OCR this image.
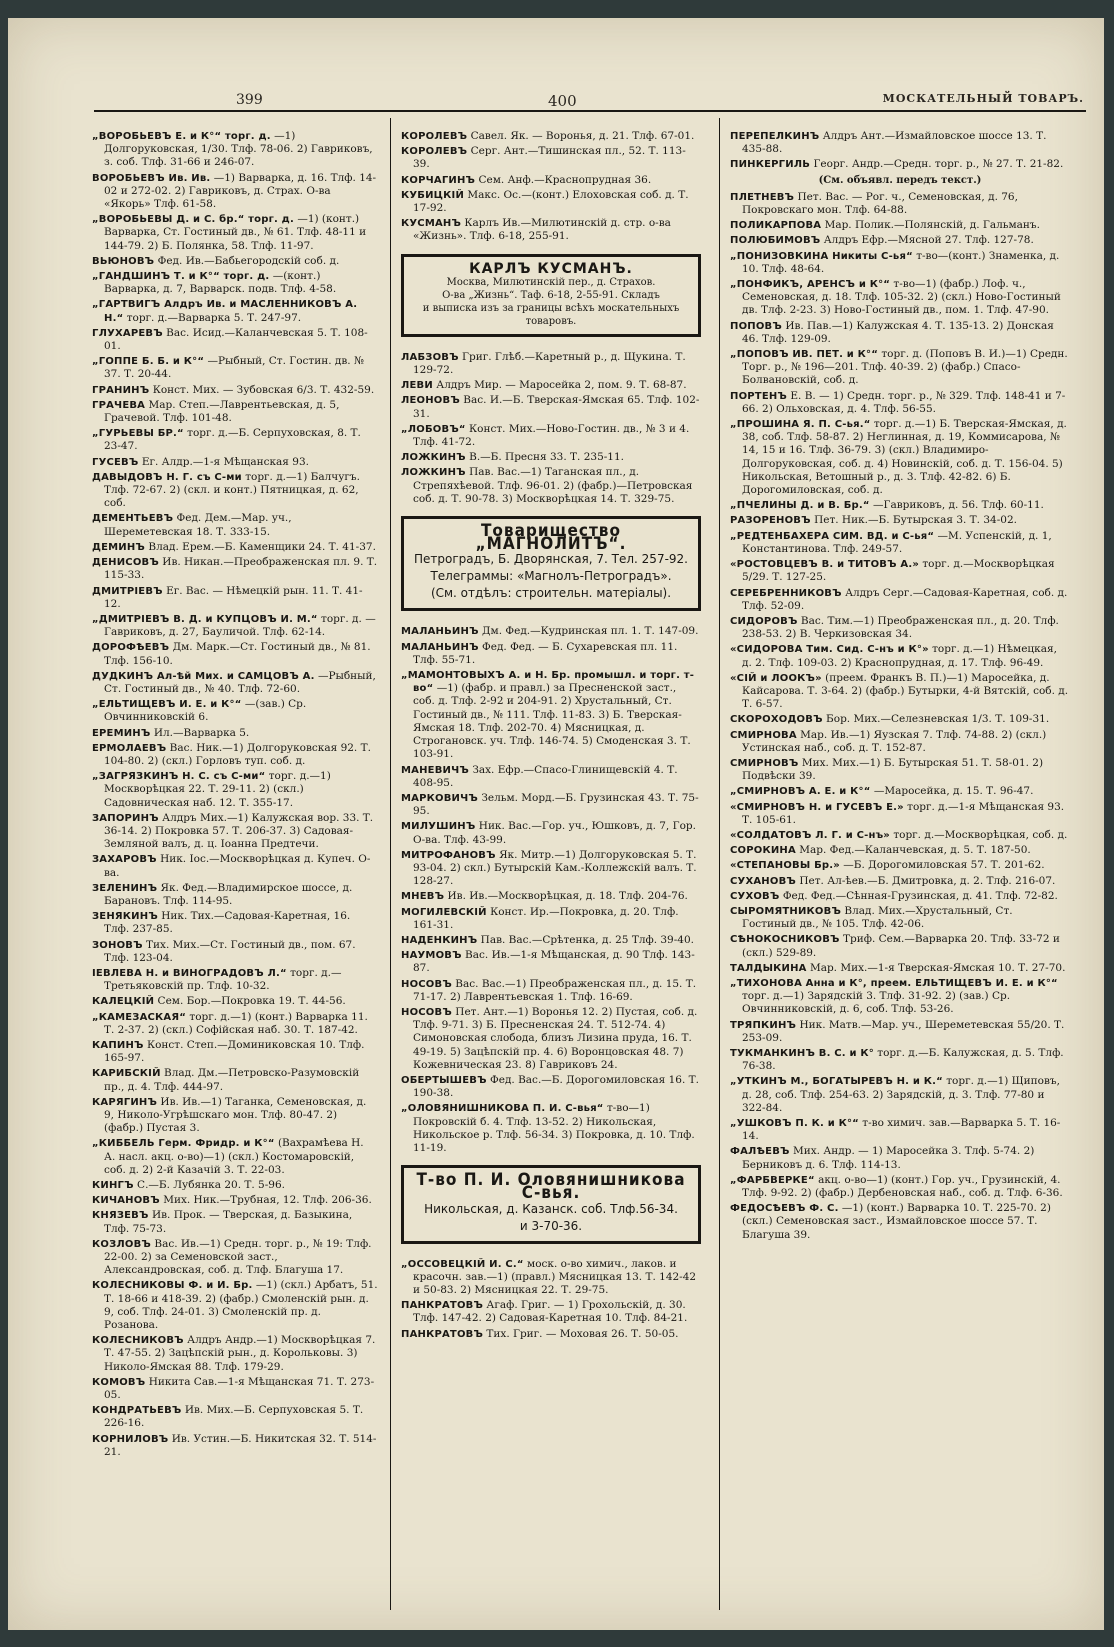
399	400	МОСКАТЕЛЬНЫЙ ТОВАРЪ.
„ВОРОБЬЕВЪ Е. и К°“ торг. д. —1) Долгоруковская, 1/30. Тлф. 78-06. 2) Гавриковъ, з. соб. Тлф. 31-66 и 246-07.
ВОРОБЬЕВЪ Ив. Ив. —1) Варварка, д. 16. Тлф. 14-02 и 272-02. 2) Гавриковъ, д. Страх. О-ва «Якорь» Тлф. 61-58.
„ВОРОБЬЕВЫ Д. и С. бр.“ торг. д. —1) (конт.) Варварка, Ст. Гостиный дв., № 61. Тлф. 48-11 и 144-79. 2) Б. Полянка, 58. Тлф. 11-97.
ВЬЮНОВЪ Фед. Ив.—Бабьегородскій соб. д.
„ГАНДШИНЪ Т. и К°“ торг. д. —(конт.) Варварка, д. 7, Варварск. подв. Тлф. 4-58.
„ГАРТВИГЪ Алдръ Ив. и МАСЛЕННИКОВЪ А. Н.“ торг. д.—Варварка 5. Т. 247-97.
ГЛУХАРЕВЪ Вас. Исид.—Каланчевская 5. Т. 108-01.
„ГОППЕ Б. Б. и К°“ —Рыбный, Ст. Гостин. дв. № 37. Т. 20-44.
ГРАНИНЪ Конст. Мих. — Зубовская 6/3. Т. 432-59.
ГРАЧЕВА Мар. Степ.—Лаврентьевская, д. 5, Грачевой. Тлф. 101-48.
„ГУРЬЕВЫ БР.“ торг. д.—Б. Серпуховская, 8. Т. 23-47.
ГУСЕВЪ Ег. Алдр.—1-я Мѣщанская 93.
ДАВЫДОВЪ Н. Г. съ С-ми торг. д.—1) Балчугъ. Тлф. 72-67. 2) (скл. и конт.) Пятницкая, д. 62, соб.
ДЕМЕНТЬЕВЪ Фед. Дем.—Мар. уч., Шереметевская 18. Т. 333-15.
ДЕМИНЪ Влад. Ерем.—Б. Каменщики 24. Т. 41-37.
ДЕНИСОВЪ Ив. Никан.—Преображенская пл. 9. Т. 115-33.
ДМИТРІЕВЪ Ег. Вас. — Нѣмецкій рын. 11. Т. 41-12.
„ДМИТРІЕВЪ В. Д. и КУПЦОВЪ И. М.“ торг. д. — Гавриковъ, д. 27, Бауличой. Тлф. 62-14.
ДОРОФѢЕВЪ Дм. Марк.—Ст. Гостиный дв., № 81. Тлф. 156-10.
ДУДКИНЪ Ал-ѣй Мих. и САМЦОВЪ А. —Рыбный, Ст. Гостиный дв., № 40. Тлф. 72-60.
„ЕЛЬТИЩЕВЪ И. Е. и К°“ —(зав.) Ср. Овчинниковскій 6.
ЕРЕМИНЪ Ил.—Варварка 5.
ЕРМОЛАЕВЪ Вас. Ник.—1) Долгоруковская 92. Т. 104-80. 2) (скл.) Горловъ туп. соб. д.
„ЗАГРЯЗКИНЪ Н. С. съ С-ми“ торг. д.—1) Москворѣцкая 22. Т. 29-11. 2) (скл.) Садовническая наб. 12. Т. 355-17.
ЗАПОРИНЪ Алдръ Мих.—1) Калужская вор. 33. Т. 36-14. 2) Покровка 57. Т. 206-37. 3) Садовая-Земляной валъ, д. ц. Іоанна Предтечи.
ЗАХАРОВЪ Ник. Іос.—Москворѣцкая д. Купеч. О-ва.
ЗЕЛЕНИНЪ Як. Фед.—Владимирское шоссе, д. Барановъ. Тлф. 114-95.
ЗЕНЯКИНЪ Ник. Тих.—Садовая-Каретная, 16. Тлф. 237-85.
ЗОНОВЪ Тих. Мих.—Ст. Гостиный дв., пом. 67. Тлф. 123-04.
ІЕВЛЕВА Н. и ВИНОГРАДОВЪ Л.“ торг. д.—Третьяковскій пр. Тлф. 10-32.
КАЛЕЦКІЙ Сем. Бор.—Покровка 19. Т. 44-56.
„КАМЕЗАСКАЯ“ торг. д.—1) (конт.) Варварка 11. Т. 2-37. 2) (скл.) Софійская наб. 30. Т. 187-42.
КАПИНЪ Конст. Степ.—Доминиковская 10. Тлф. 165-97.
КАРИБСКІЙ Влад. Дм.—Петровско-Разумовскій пр., д. 4. Тлф. 444-97.
КАРЯГИНЪ Ив. Ив.—1) Таганка, Семеновская, д. 9, Николо-Угрѣшскаго мон. Тлф. 80-47. 2) (фабр.) Пустая 3.
„КИББЕЛЬ Герм. Фридр. и К°“ (Вахрамѣева Н. А. насл. акц. о-во)—1) (скл.) Костомаровскій, соб. д. 2) 2-й Казачій 3. Т. 22-03.
КИНГЪ С.—Б. Лубянка 20. Т. 5-96.
КИЧАНОВЪ Мих. Ник.—Трубная, 12. Тлф. 206-36.
КНЯЗЕВЪ Ив. Прок. — Тверская, д. Базыкина, Тлф. 75-73.
КОЗЛОВЪ Вас. Ив.—1) Средн. торг. р., № 19: Тлф. 22-00. 2) за Семеновской заст., Александровская, соб. д. Тлф. Благуша 17.
КОЛЕСНИКОВЫ Ф. и И. Бр. —1) (скл.) Арбатъ, 51. Т. 18-66 и 418-39. 2) (фабр.) Смоленскій рын. д. 9, соб. Тлф. 24-01. 3) Смоленскій пр. д. Розанова.
КОЛЕСНИКОВЪ Алдръ Андр.—1) Москворѣцкая 7. Т. 47-55. 2) Зацѣпскій рын., д. Корольковы. 3) Николо-Ямская 88. Тлф. 179-29.
КОМОВЪ Никита Сав.—1-я Мѣщанская 71. Т. 273-05.
КОНДРАТЬЕВЪ Ив. Мих.—Б. Серпуховская 5. Т. 226-16.
КОРНИЛОВЪ Ив. Устин.—Б. Никитская 32. Т. 514-21.
КОРОЛЕВЪ Савел. Як. — Воронья, д. 21. Тлф. 67-01.
КОРОЛЕВЪ Серг. Ант.—Тишинская пл., 52. Т. 113-39.
КОРЧАГИНЪ Сем. Анф.—Краснопрудная 36.
КУБИЦКІЙ Макс. Ос.—(конт.) Елоховская соб. д. Т. 17-92.
КУСМАНЪ Карлъ Ив.—Милютинскій д. стр. о-ва «Жизнь». Тлф. 6-18, 255-91.
КАРЛЪ КУСМАНЪ.
Москва, Милютинскій пер., д. Страхов.
О-ва „Жизнь“. Таф. 6-18, 2-55-91. Складъ
и выписка изъ за границы всѣхъ москательныхъ товаровъ.
ЛАБЗОВЪ Григ. Глѣб.—Каретный р., д. Щукина. Т. 129-72.
ЛЕВИ Алдръ Мир. — Маросейка 2, пом. 9. Т. 68-87.
ЛЕОНОВЪ Вас. И.—Б. Тверская-Ямская 65. Тлф. 102-31.
„ЛОБОВЪ“ Конст. Мих.—Ново-Гостин. дв., № 3 и 4. Тлф. 41-72.
ЛОЖКИНЪ В.—Б. Пресня 33. Т. 235-11.
ЛОЖКИНЪ Пав. Вас.—1) Таганская пл., д. Стрепяхѣевой. Тлф. 96-01. 2) (фабр.)—Петровская соб. д. Т. 90-78. 3) Москворѣцкая 14. Т. 329-75.
Товарищество „МАГНОЛИТЪ“.
Петроградъ, Б. Дворянская, 7. Тел. 257-92.
Телеграммы: «Магнолъ-Петроградъ».
(См. отдѣлъ: строительн. матеріалы).
МАЛАНЬИНЪ Дм. Фед.—Кудринская пл. 1. Т. 147-09.
МАЛАНЬИНЪ Фед. Фед. — Б. Сухаревская пл. 11. Тлф. 55-71.
„МАМОНТОВЫХЪ А. и Н. Бр. промышл. и торг. т-во“ —1) (фабр. и правл.) за Пресненской заст., соб. д. Тлф. 2-92 и 204-91. 2) Хрустальный, Ст. Гостиный дв., № 111. Тлф. 11-83. 3) Б. Тверская-Ямская 18. Тлф. 202-70. 4) Мясницкая, д. Строгановск. уч. Тлф. 146-74. 5) Смоденская 3. Т. 103-91.
МАНЕВИЧЪ Зах. Ефр.—Спасо-Глинищевскій 4. Т. 408-95.
МАРКОВИЧЪ Зельм. Морд.—Б. Грузинская 43. Т. 75-95.
МИЛУШИНЪ Ник. Вас.—Гор. уч., Юшковъ, д. 7, Гор. О-ва. Тлф. 43-99.
МИТРОФАНОВЪ Як. Митр.—1) Долгоруковская 5. Т. 93-04. 2) скл.) Бутырскій Кам.-Коллежскій валъ. Т. 128-27.
МНЕВЪ Ив. Ив.—Москворѣцкая, д. 18. Тлф. 204-76.
МОГИЛЕВСКІЙ Конст. Ир.—Покровка, д. 20. Тлф. 161-31.
НАДЕНКИНЪ Пав. Вас.—Срѣтенка, д. 25 Тлф. 39-40.
НАУМОВЪ Вас. Ив.—1-я Мѣщанская, д. 90 Тлф. 143-87.
НОСОВЪ Вас. Вас.—1) Преображенская пл., д. 15. Т. 71-17. 2) Лаврентьевская 1. Тлф. 16-69.
НОСОВЪ Пет. Ант.—1) Воронья 12. 2) Пустая, соб. д. Тлф. 9-71. 3) Б. Пресненская 24. Т. 512-74. 4) Симоновская слобода, близъ Лизина пруда, 16. Т. 49-19. 5) Зацѣпскій пр. 4. 6) Воронцовская 48. 7) Кожевническая 23. 8) Гавриковъ 24.
ОБЕРТЫШЕВЪ Фед. Вас.—Б. Дорогомиловская 16. Т. 190-38.
„ОЛОВЯНИШНИКОВА П. И. С-вья“ т-во—1) Покровскій б. 4. Тлф. 13-52. 2) Никольская, Никольское р. Тлф. 56-34. 3) Покровка, д. 10. Тлф. 11-19.
Т-во П. И. Оловянишникова С-вья.
Никольская, д. Казанск. соб. Тлф.56-34.
и 3-70-36.
„ОССОВЕЦКІЙ И. С.“ моск. о-во химич., лаков. и красочн. зав.—1) (правл.) Мясницкая 13. Т. 142-42 и 50-83. 2) Мясницкая 22. Т. 29-75.
ПАНКРАТОВЪ Агаф. Григ. — 1) Грохольскій, д. 30. Тлф. 147-42. 2) Садовая-Каретная 10. Тлф. 84-21.
ПАНКРАТОВЪ Тих. Григ. — Моховая 26. Т. 50-05.
ПЕРЕПЕЛКИНЪ Алдръ Ант.—Измайловское шоссе 13. Т. 435-88.
ПИНКЕРГИЛЬ Георг. Андр.—Средн. торг. р., № 27. Т. 21-82.
(См. объявл. передъ текст.)
ПЛЕТНЕВЪ Пет. Вас. — Рог. ч., Семеновская, д. 76, Покровскаго мон. Тлф. 64-88.
ПОЛИКАРПОВА Мар. Полик.—Полянскій, д. Гальманъ.
ПОЛЮБИМОВЪ Алдръ Ефр.—Мясной 27. Тлф. 127-78.
„ПОНИЗОВКИНА Никиты С-ья“ т-во—(конт.) Знаменка, д. 10. Тлф. 48-64.
„ПОНФИКЪ, АРЕНСЪ и К°“ т-во—1) (фабр.) Лоф. ч., Семеновская, д. 18. Тлф. 105-32. 2) (скл.) Ново-Гостиный дв. Тлф. 2-23. 3) Ново-Гостиный дв., пом. 1. Тлф. 47-90.
ПОПОВЪ Ив. Пав.—1) Калужская 4. Т. 135-13. 2) Донская 46. Тлф. 129-09.
„ПОПОВЪ ИВ. ПЕТ. и К°“ торг. д. (Поповъ В. И.)—1) Средн. Торг. р., № 196—201. Тлф. 40-39. 2) (фабр.) Спасо-Болвановскій, соб. д.
ПОРТЕНЪ Е. В. — 1) Средн. торг. р., № 329. Тлф. 148-41 и 7-66. 2) Ольховская, д. 4. Тлф. 56-55.
„ПРОШИНА Я. П. С-ья.“ торг. д.—1) Б. Тверская-Ямская, д. 38, соб. Тлф. 58-87. 2) Неглинная, д. 19, Коммисарова, № 14, 15 и 16. Тлф. 36-79. 3) (скл.) Владимиро-Долгоруковская, соб. д. 4) Новинскій, соб. д. Т. 156-04. 5) Никольская, Ветошный р., д. 3. Тлф. 42-82. 6) Б. Дорогомиловская, соб. д.
„ПЧЕЛИНЫ Д. и В. Бр.“ —Гавриковъ, д. 56. Тлф. 60-11.
РАЗОРЕНОВЪ Пет. Ник.—Б. Бутырская 3. Т. 34-02.
„РЕДТЕНБАХЕРА СИМ. ВД. и С-ья“ —М. Успенскій, д. 1, Константинова. Тлф. 249-57.
«РОСТОВЦЕВЪ В. и ТИТОВЪ А.» торг. д.—Москворѣцкая 5/29. Т. 127-25.
СЕРЕБРЕННИКОВЪ Алдръ Серг.—Садовая-Каретная, соб. д. Тлф. 52-09.
СИДОРОВЪ Вас. Тим.—1) Преображенская пл., д. 20. Тлф. 238-53. 2) В. Черкизовская 34.
«СИДОРОВА Тим. Сид. С-нъ и К°» торг. д.—1) Нѣмецкая, д. 2. Тлф. 109-03. 2) Краснопрудная, д. 17. Тлф. 96-49.
«СІЙ и ЛООКЪ» (преем. Франкъ В. П.)—1) Маросейка, д. Кайсарова. Т. 3-64. 2) (фабр.) Бутырки, 4-й Вятскій, соб. д. Т. 6-57.
СКОРОХОДОВЪ Бор. Мих.—Селезневская 1/3. Т. 109-31.
СМИРНОВА Мар. Ив.—1) Яузская 7. Тлф. 74-88. 2) (скл.) Устинская наб., соб. д. Т. 152-87.
СМИРНОВЪ Мих. Мих.—1) Б. Бутырская 51. Т. 58-01. 2) Подвѣски 39.
„СМИРНОВЪ А. Е. и К°“ —Маросейка, д. 15. Т. 96-47.
«СМИРНОВЪ Н. и ГУСЕВЪ Е.» торг. д.—1-я Мѣщанская 93. Т. 105-61.
«СОЛДАТОВЪ Л. Г. и С-нъ» торг. д.—Москворѣцкая, соб. д.
СОРОКИНА Мар. Фед.—Каланчевская, д. 5. Т. 187-50.
«СТЕПАНОВЫ Бр.» —Б. Дорогомиловская 57. Т. 201-62.
СУХАНОВЪ Пет. Ал-ѣев.—Б. Дмитровка, д. 2. Тлф. 216-07.
СУХОВЪ Фед. Фед.—Сѣнная-Грузинская, д. 41. Тлф. 72-82.
СЫРОМЯТНИКОВЪ Влад. Мих.—Хрустальный, Ст. Гостиный дв., № 105. Тлф. 42-06.
СѢНОКОСНИКОВЪ Триф. Сем.—Варварка 20. Тлф. 33-72 и (скл.) 529-89.
ТАЛДЫКИНА Мар. Мих.—1-я Тверская-Ямская 10. Т. 27-70.
„ТИХОНОВА Анна и К°, преем. ЕЛЬТИЩЕВЪ И. Е. и К°“ торг. д.—1) Зарядскій 3. Тлф. 31-92. 2) (зав.) Ср. Овчинниковскій, д. 6, соб. Тлф. 53-26.
ТРЯПКИНЪ Ник. Матв.—Мар. уч., Шереметевская 55/20. Т. 253-09.
ТУКМАНКИНЪ В. С. и К° торг. д.—Б. Калужская, д. 5. Тлф. 76-38.
„УТКИНЪ М., БОГАТЫРЕВЪ Н. и К.“ торг. д.—1) Щиповъ, д. 28, соб. Тлф. 254-63. 2) Зарядскій, д. 3. Тлф. 77-80 и 322-84.
„УШКОВЪ П. К. и К°“ т-во химич. зав.—Варварка 5. Т. 16-14.
ФАЛѢЕВЪ Мих. Андр. — 1) Маросейка 3. Тлф. 5-74. 2) Берниковъ д. 6. Тлф. 114-13.
„ФАРБВЕРКЕ“ акц. о-во—1) (конт.) Гор. уч., Грузинскій, 4. Тлф. 9-92. 2) (фабр.) Дербеновская наб., соб. д. Тлф. 6-36.
ФЕДОСѢЕВЪ Ф. С. —1) (конт.) Варварка 10. Т. 225-70. 2) (скл.) Семеновская заст., Измайловское шоссе 57. Т. Благуша 39.
